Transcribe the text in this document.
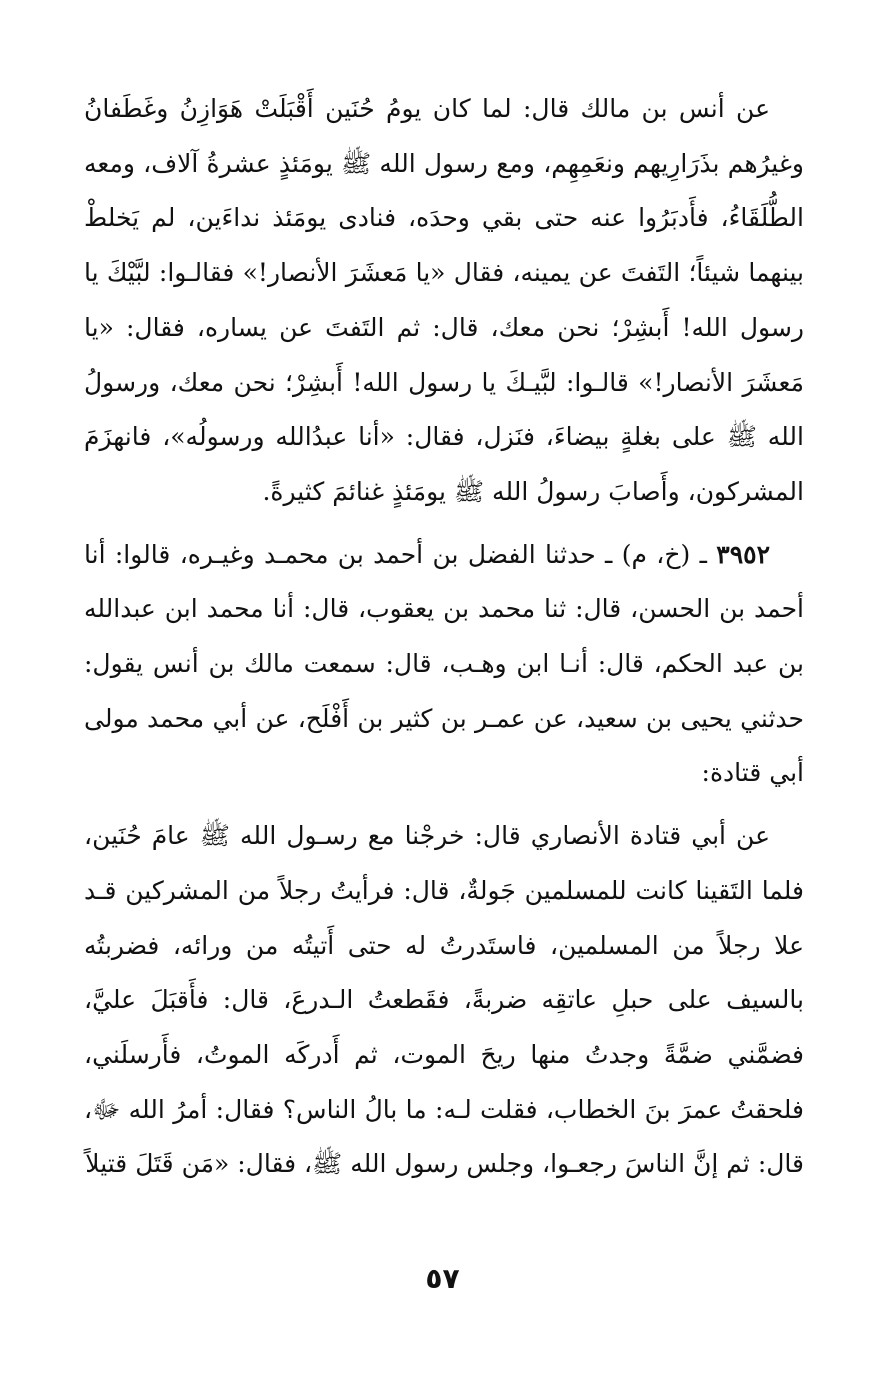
عن أنس بن مالك قال: لما كان يومُ حُنَين أَقْبَلَتْ هَوَازِنُ وغَطَفانُ وغيرُهم بذَرَارِيهم ونعَمِهِم، ومع رسول الله ﷺ يومَئذٍ عشرةُ آلاف، ومعه الطُّلَقَاءُ، فأَدبَرُوا عنه حتى بقي وحدَه، فنادى يومَئذ نداءَين، لم يَخلطْ بينهما شيئاً؛ التَفتَ عن يمينه، فقال «يا مَعشَرَ الأنصار!» فقالـوا: لبَّيْكَ يا رسول الله! أَبشِرْ؛ نحن معك، قال: ثم التَفتَ عن يساره، فقال: «يا مَعشَرَ الأنصار!» قالـوا: لبَّيـكَ يا رسول الله! أَبشِرْ؛ نحن معك، ورسولُ الله ﷺ على بغلةٍ بيضاءَ، فنَزل، فقال: «أنا عبدُالله ورسولُه»، فانهزَمَ المشركون، وأَصابَ رسولُ الله ﷺ يومَئذٍ غنائمَ كثيرةً.
٣٩٥٢ ـ (خ، م) ـ حدثنا الفضل بن أحمد بن محمـد وغيـره، قالوا: أنا أحمد بن الحسن، قال: ثنا محمد بن يعقوب، قال: أنا محمد ابن عبدالله بن عبد الحكم، قال: أنـا ابن وهـب، قال: سمعت مالك بن أنس يقول: حدثني يحيى بن سعيد، عن عمـر بن كثير بن أَفْلَح، عن أبي محمد مولى أبي قتادة:
عن أبي قتادة الأنصاري قال: خرجْنا مع رسـول الله ﷺ عامَ حُنَين، فلما التَقينا كانت للمسلمين جَولةٌ، قال: فرأيتُ رجلاً من المشركين قـد علا رجلاً من المسلمين، فاستَدرتُ له حتى أَتيتُه من ورائه، فضربتُه بالسيف على حبلِ عاتقِه ضربةً، فقَطعتُ الـدرعَ، قال: فأَقبَلَ عليَّ، فضمَّني ضمَّةً وجدتُ منها ريحَ الموت، ثم أَدركَه الموتُ، فأَرسلَني، فلحقتُ عمرَ بنَ الخطاب، فقلت لـه: ما بالُ الناس؟ فقال: أمرُ الله ﷻ، قال: ثم إنَّ الناسَ رجعـوا، وجلس رسول الله ﷺ، فقال: «مَن قَتَلَ قتيلاً
٥٧
